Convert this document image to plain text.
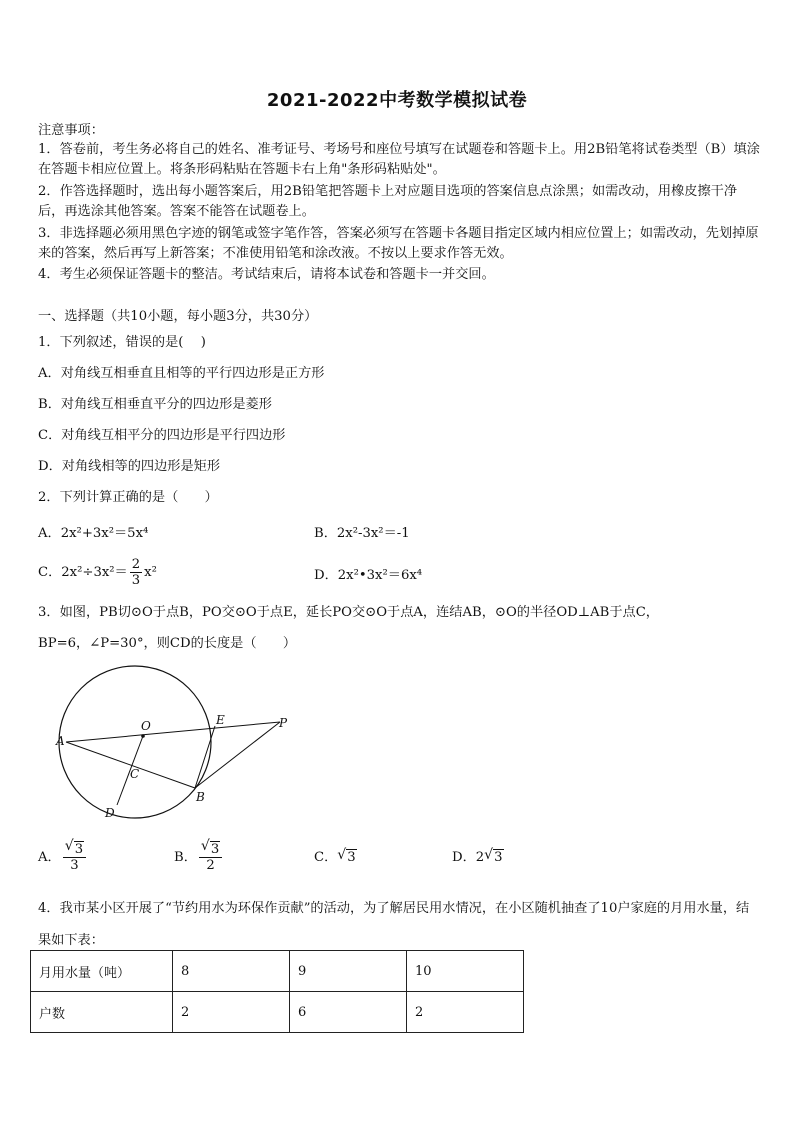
2021-2022中考数学模拟试卷
注意事项：
1．答卷前，考生务必将自己的姓名、准考证号、考场号和座位号填写在试题卷和答题卡上。用2B铅笔将试卷类型（B）填涂在答题卡相应位置上。将条形码粘贴在答题卡右上角"条形码粘贴处"。
2．作答选择题时，选出每小题答案后，用2B铅笔把答题卡上对应题目选项的答案信息点涂黑；如需改动，用橡皮擦干净后，再选涂其他答案。答案不能答在试题卷上。
3．非选择题必须用黑色字迹的钢笔或签字笔作答，答案必须写在答题卡各题目指定区域内相应位置上；如需改动，先划掉原来的答案，然后再写上新答案；不准使用铅笔和涂改液。不按以上要求作答无效。
4．考生必须保证答题卡的整洁。考试结束后，请将本试卷和答题卡一并交回。
一、选择题（共10小题，每小题3分，共30分）
1．下列叙述，错误的是(　 )
A．对角线互相垂直且相等的平行四边形是正方形
B．对角线互相垂直平分的四边形是菱形
C．对角线互相平分的四边形是平行四边形
D．对角线相等的四边形是矩形
2．下列计算正确的是（　　）
A．2x²+3x²＝5x⁴	B．2x²-3x²＝-1
C．$2x^2\div 3x^2= \frac{2}{3} x^2$	D．2x²•3x²＝6x⁴
3．如图，PB切⊙O于点B，PO交⊙O于点E，延长PO交⊙O于点A，连结AB，⊙O的半径OD⊥AB于点C，
BP=6，∠P=30°，则CD的长度是（　　）
A
O	E	P
C
B
D
A． $\frac{√ 3}{3}$	B． $\frac{√ 3}{2}$	C． √ 3	D．2 √ 3
4．我市某小区开展了“节约用水为环保作贡献”的活动，为了解居民用水情况，在小区随机抽查了10户家庭的月用水量，结果如下表：
月用水量（吨）	8	9	10
户数	2	6	2
